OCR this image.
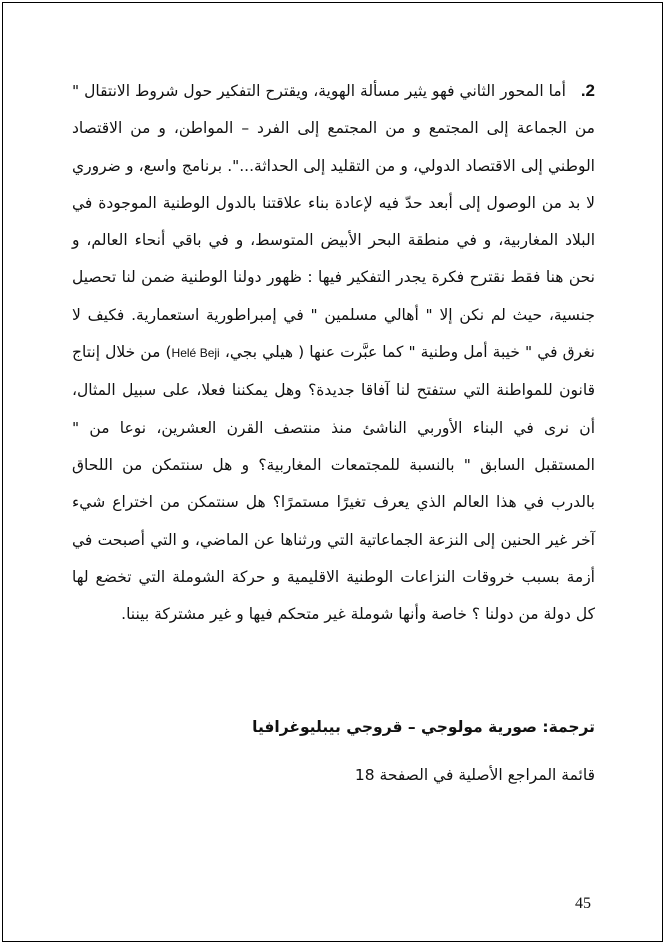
2.   أما المحور الثاني فهو يثير مسألة الهوية، ويقترح التفكير حول شروط الانتقال " من الجماعة إلى المجتمع و من المجتمع إلى الفرد – المواطن، و من الاقتصاد الوطني إلى الاقتصاد الدولي، و من التقليد إلى الحداثة...". برنامج واسع، و ضروري لا بد من الوصول إلى أبعد حدّ فيه لإعادة بناء علاقتنا بالدول الوطنية الموجودة في البلاد المغاربية، و في منطقة البحر الأبيض المتوسط، و في باقي أنحاء العالم، و نحن هنا فقط نقترح فكرة يجدر التفكير فيها : ظهور دولنا الوطنية ضمن لنا تحصيل جنسية، حيث لم نكن إلا " أهالي مسلمين " في إمبراطورية استعمارية. فكيف لا نغرق في " خيبة أمل وطنية " كما عبَّرت عنها ( هيلي بجي، Helé Beji) من خلال إنتاج قانون للمواطنة التي ستفتح لنا آفاقا جديدة؟ وهل يمكننا فعلا، على سبيل المثال، أن نرى في البناء الأوربي الناشئ منذ منتصف القرن العشرين، نوعا من " المستقبل السابق " بالنسبة للمجتمعات المغاربية؟ و هل سنتمكن من اللحاق بالدرب في هذا العالم الذي يعرف تغيرًا مستمرًا؟ هل سنتمكن من اختراع شيء آخر غير الحنين إلى النزعة الجماعاتية التي ورثناها عن الماضي، و التي أصبحت في أزمة بسبب خروقات النزاعات الوطنية الاقليمية و حركة الشوملة التي تخضع لها كل دولة من دولنا ؟ خاصة وأنها شوملة غير متحكم فيها و غير مشتركة بيننا.

ترجمة: صورية مولوجي – قروجي بيبليوغرافيا

قائمة المراجع الأصلية في الصفحة 18

45
